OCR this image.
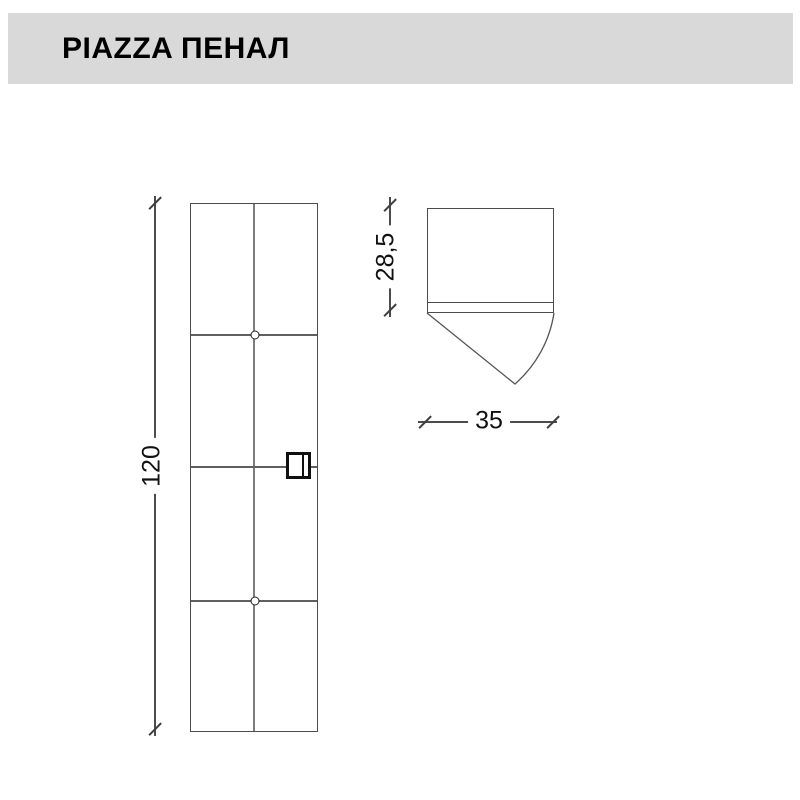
PIAZZA ПЕНАЛ
120
28,5
35
